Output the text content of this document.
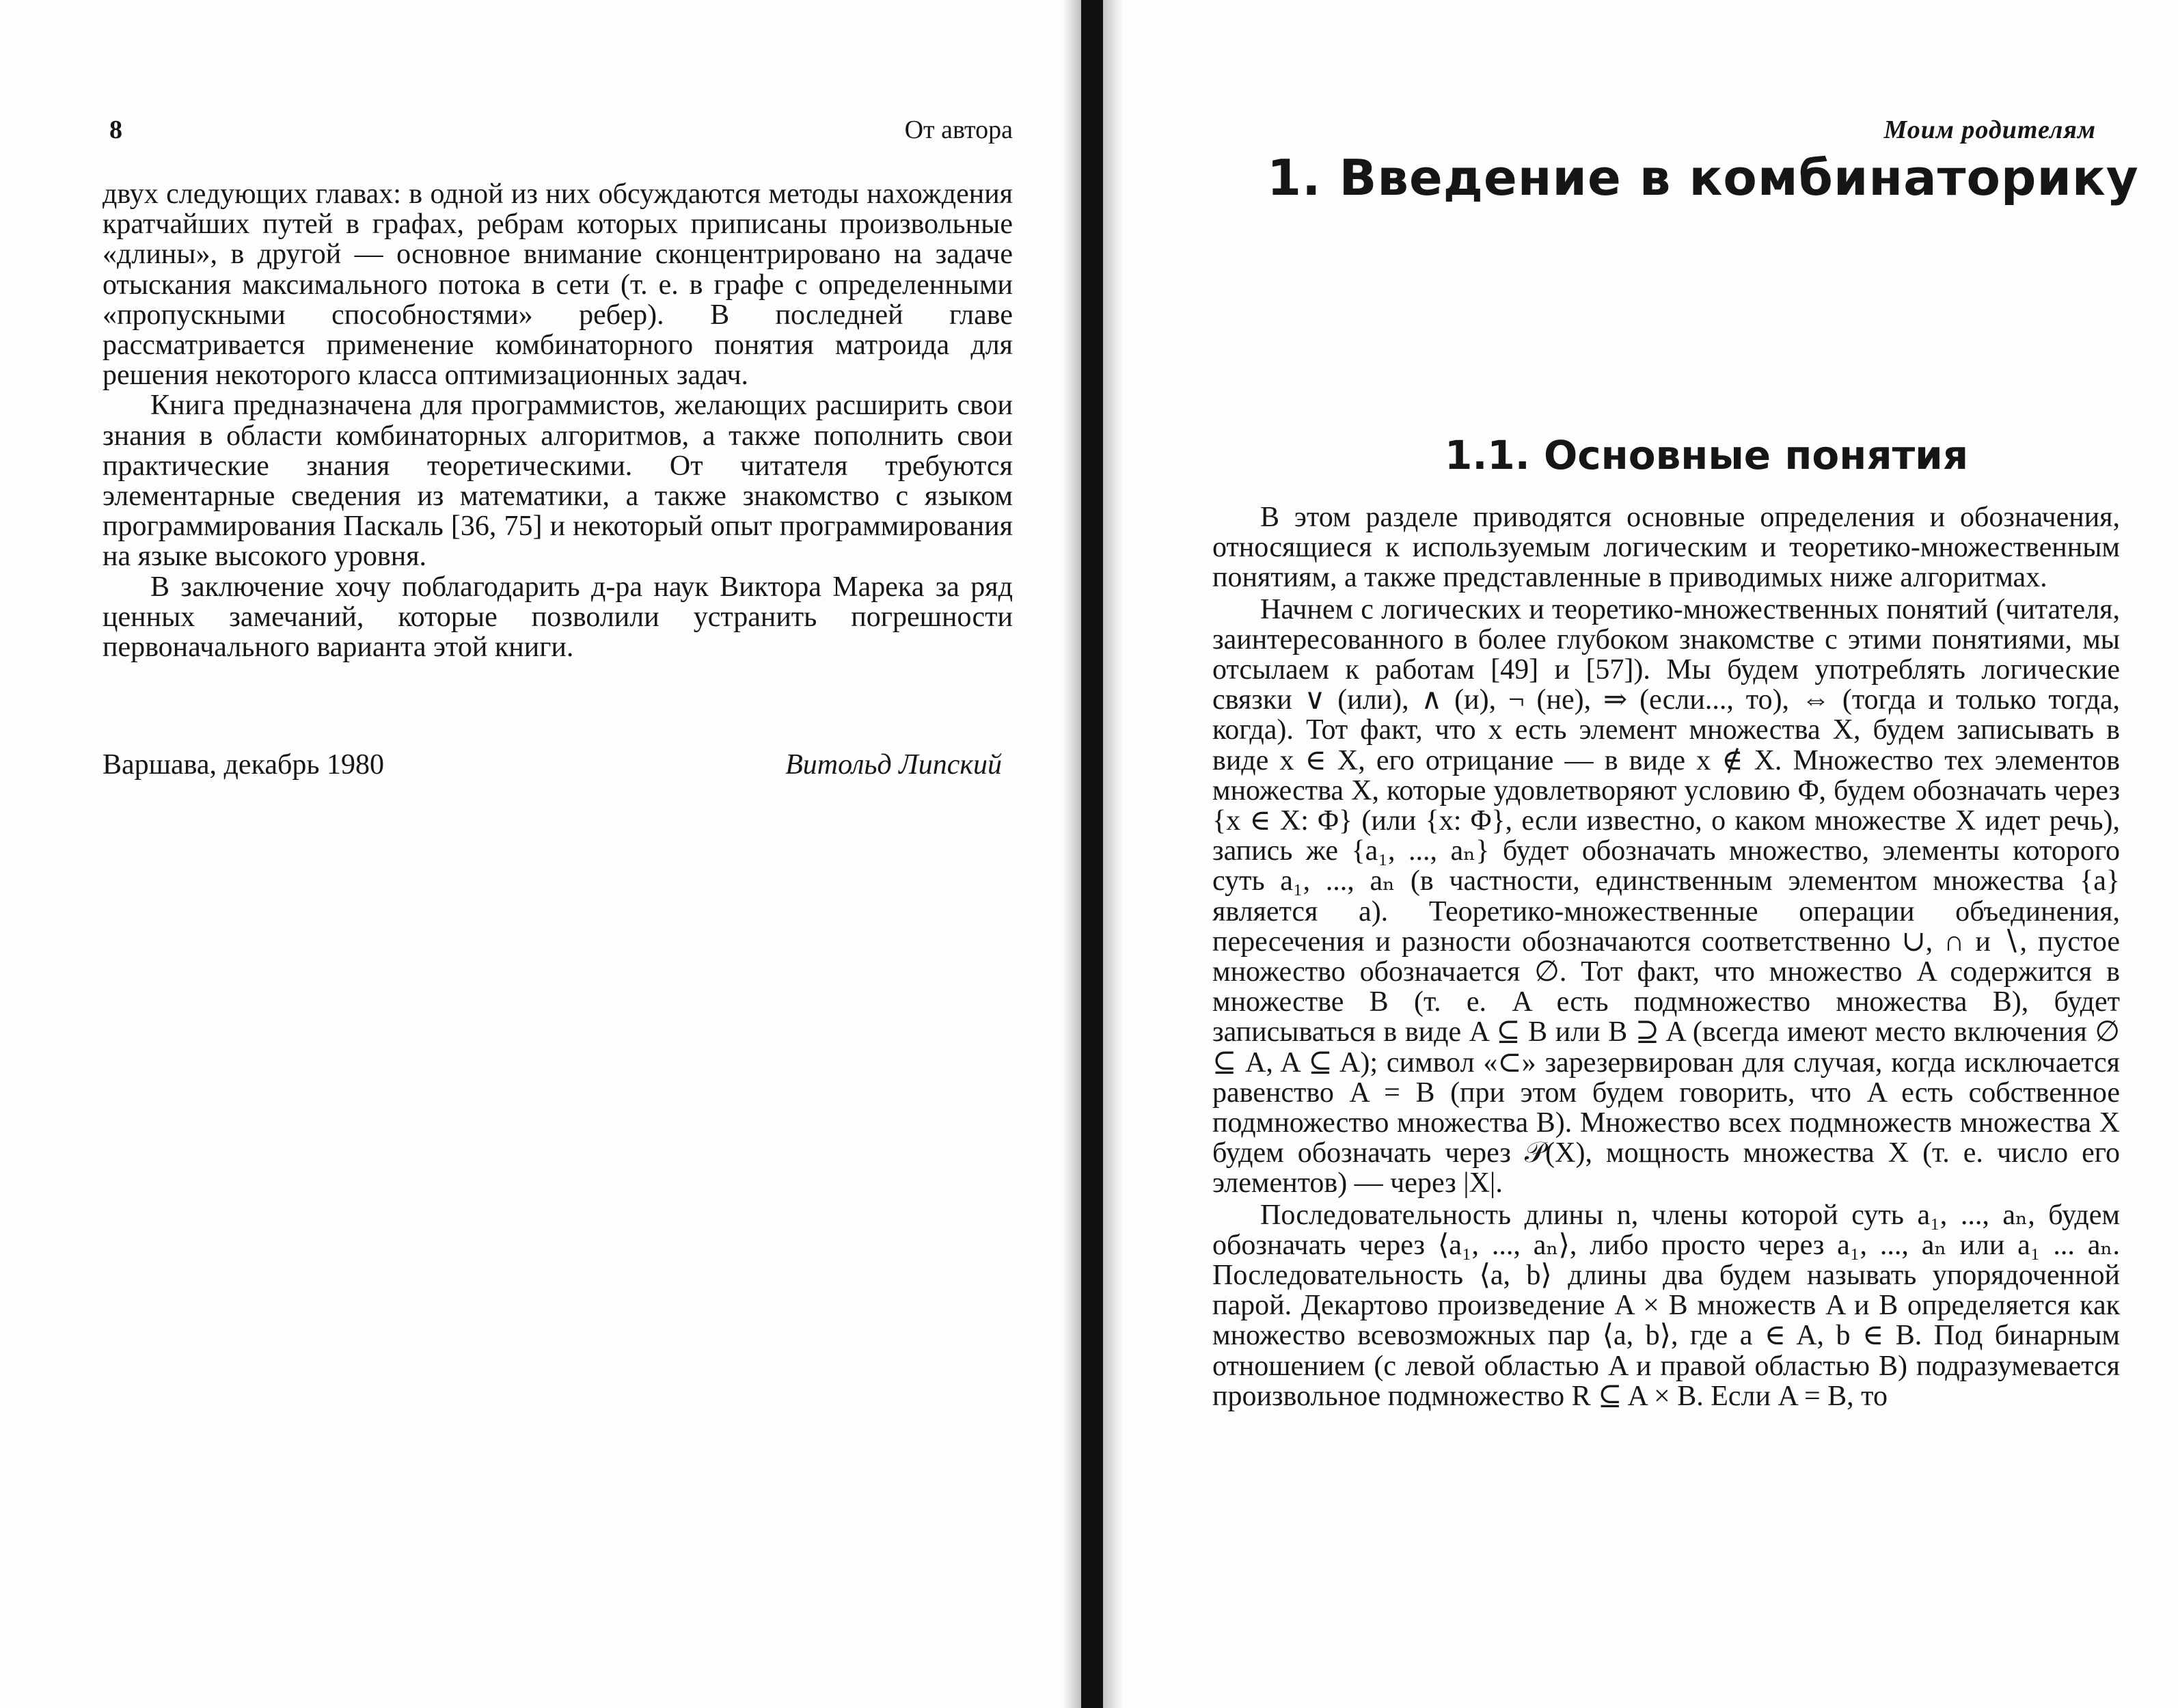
8	От автора

двух следующих главах: в одной из них обсуждаются методы нахождения кратчайших путей в графах, ребрам которых приписаны произвольные «длины», в другой — основное внимание сконцентрировано на задаче отыскания максимального потока в сети (т. е. в графе с определенными «пропускными способностями» ребер). В последней главе рассматривается применение комбинаторного понятия матроида для решения некоторого класса оптимизационных задач.

Книга предназначена для программистов, желающих расширить свои знания в области комбинаторных алгоритмов, а также пополнить свои практические знания теоретическими. От читателя требуются элементарные сведения из математики, а также знакомство с языком программирования Паскаль [36, 75] и некоторый опыт программирования на языке высокого уровня.

В заключение хочу поблагодарить д-ра наук Виктора Марека за ряд ценных замечаний, которые позволили устранить погрешности первоначального варианта этой книги.

Варшава, декабрь 1980	Витольд Липский
Моим родителям
1. Введение в комбинаторику
1.1. Основные понятия

В этом разделе приводятся основные определения и обозначения, относящиеся к используемым логическим и теоретико-множественным понятиям, а также представленные в приводимых ниже алгоритмах.

Начнем с логических и теоретико-множественных понятий (читателя, заинтересованного в более глубоком знакомстве с этими понятиями, мы отсылаем к работам [49] и [57]). Мы будем употреблять логические связки ∨ (или), ∧ (и), ¬ (не), ⇒ (если..., то), ⇔ (тогда и только тогда, когда). Тот факт, что x есть элемент множества X, будем записывать в виде x ∈ X, его отрицание — в виде x ∉ X. Множество тех элементов множества X, которые удовлетворяют условию Φ, будем обозначать через {x ∈ X: Φ} (или {x: Φ}, если известно, о каком множестве X идет речь), запись же {a₁, ..., aₙ} будет обозначать множество, элементы которого суть a₁, ..., aₙ (в частности, единственным элементом множества {a} является a). Теоретико-множественные операции объединения, пересечения и разности обозначаются соответственно ∪, ∩ и ∖, пустое множество обозначается ∅. Тот факт, что множество A содержится в множестве B (т. е. A есть подмножество множества B), будет записываться в виде A ⊆ B или B ⊇ A (всегда имеют место включения ∅ ⊆ A, A ⊆ A); символ «⊂» зарезервирован для случая, когда исключается равенство A = B (при этом будем говорить, что A есть собственное подмножество множества B). Множество всех подмножеств множества X будем обозначать через 𝒫(X), мощность множества X (т. е. число его элементов) — через |X|.

Последовательность длины n, члены которой суть a₁, ..., aₙ, будем обозначать через ⟨a₁, ..., aₙ⟩, либо просто через a₁, ..., aₙ или a₁ ... aₙ. Последовательность ⟨a, b⟩ длины два будем называть упорядоченной парой. Декартово произведение A × B множеств A и B определяется как множество всевозможных пар ⟨a, b⟩, где a ∈ A, b ∈ B. Под бинарным отношением (с левой областью A и правой областью B) подразумевается произвольное подмножество R ⊆ A × B. Если A = B, то
